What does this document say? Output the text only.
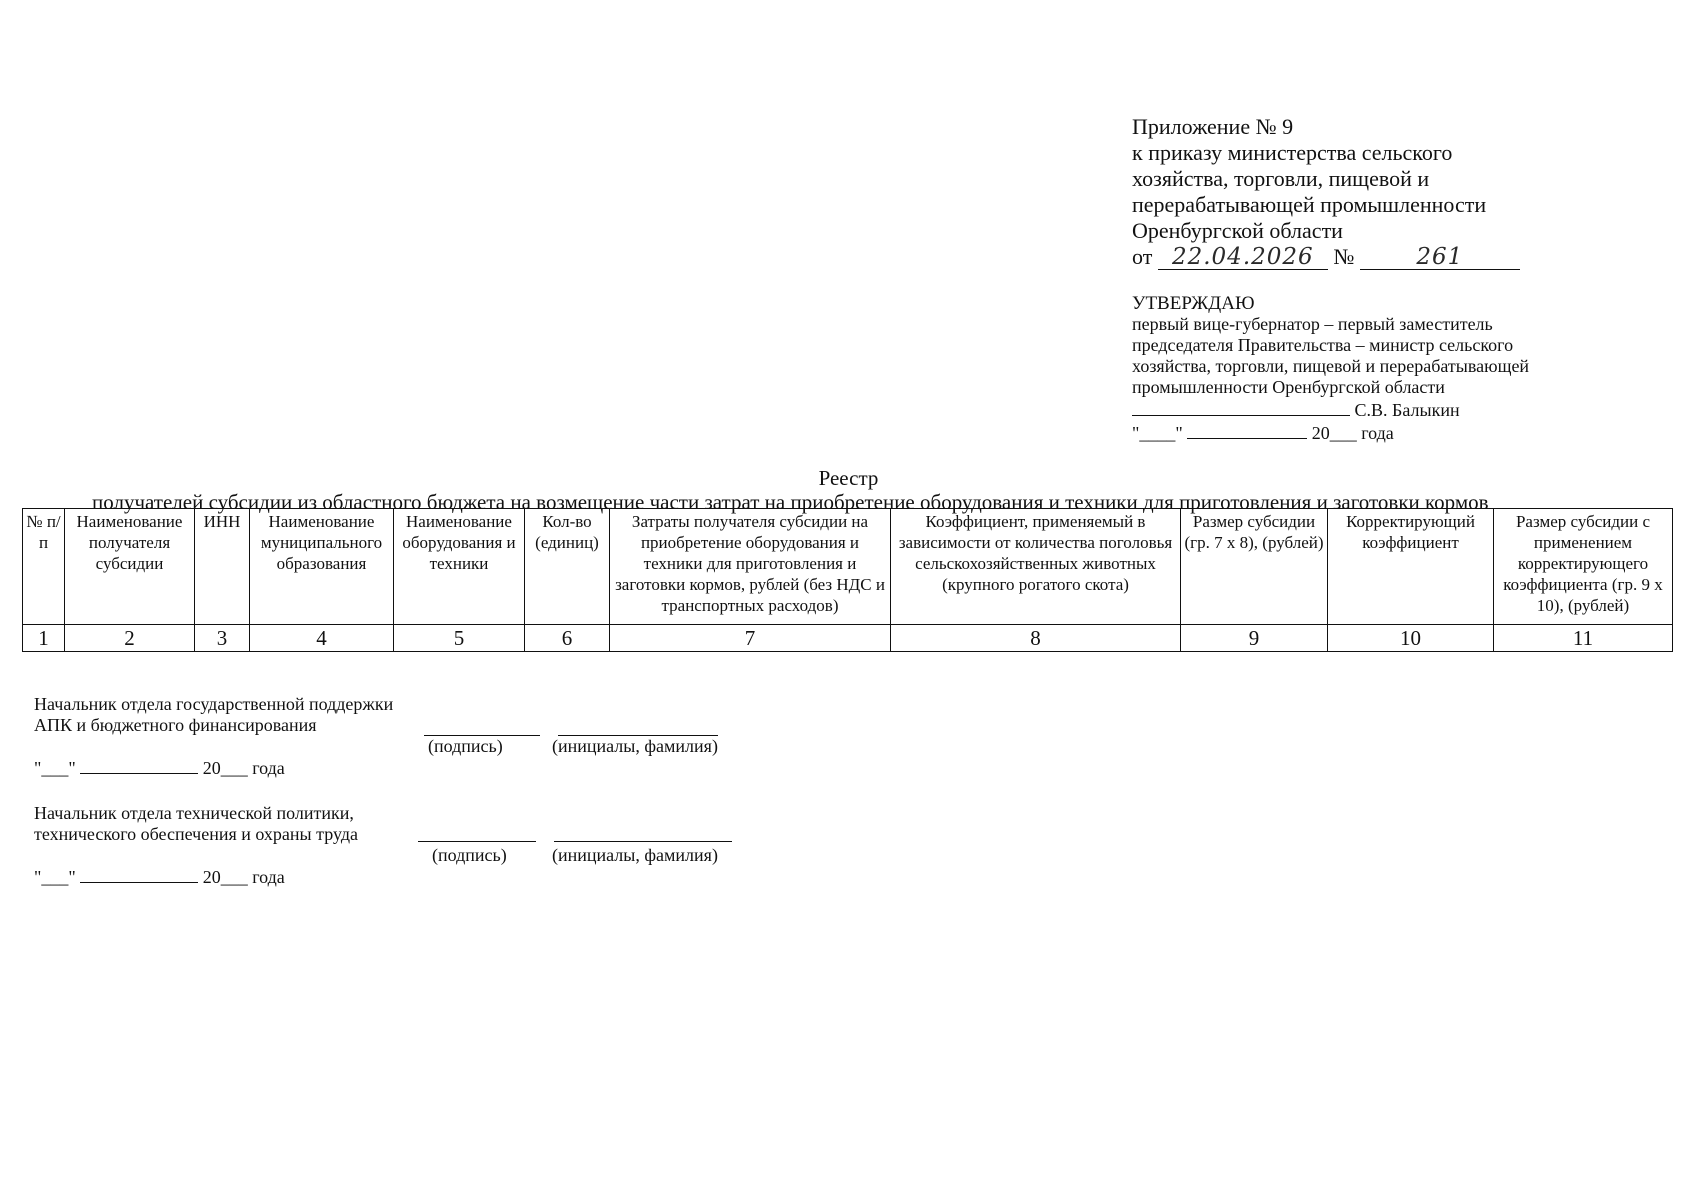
Приложение № 9
к приказу министерства сельского
хозяйства, торговли, пищевой и
перерабатывающей промышленности
Оренбургской области
от 22.04.2026 №	261
УТВЕРЖДАЮ
первый вице-губернатор – первый заместитель
председателя Правительства – министр сельского
хозяйства, торговли, пищевой и перерабатывающей
промышленности Оренбургской области
С.В. Балыкин
"____"	20___ года
Реестр
получателей субсидии из областного бюджета на возмещение части затрат на приобретение оборудования и техники для приготовления и заготовки кормов
№ п/п	Наименование получателя субсидии	ИНН	Наименование муниципального образования	Наименование оборудования и техники	Кол-во (единиц)	Затраты получателя субсидии на приобретение оборудования и техники для приготовления и заготовки кормов, рублей (без НДС и транспортных расходов)	Коэффициент, применяемый в зависимости от количества поголовья сельскохозяйственных животных (крупного рогатого скота)	Размер субсидии (гр. 7 х 8), (рублей)	Корректирующий коэффициент	Размер субсидии с применением корректирующего коэффициента (гр. 9 х 10), (рублей)
1	2	3	4	5	6	7	8	9	10	11
Начальник отдела государственной поддержки
АПК и бюджетного финансирования
(подпись)	(инициалы, фамилия)
"___"	20___ года
Начальник отдела технической политики,
технического обеспечения и охраны труда
(подпись)	(инициалы, фамилия)
"___"	20___ года
